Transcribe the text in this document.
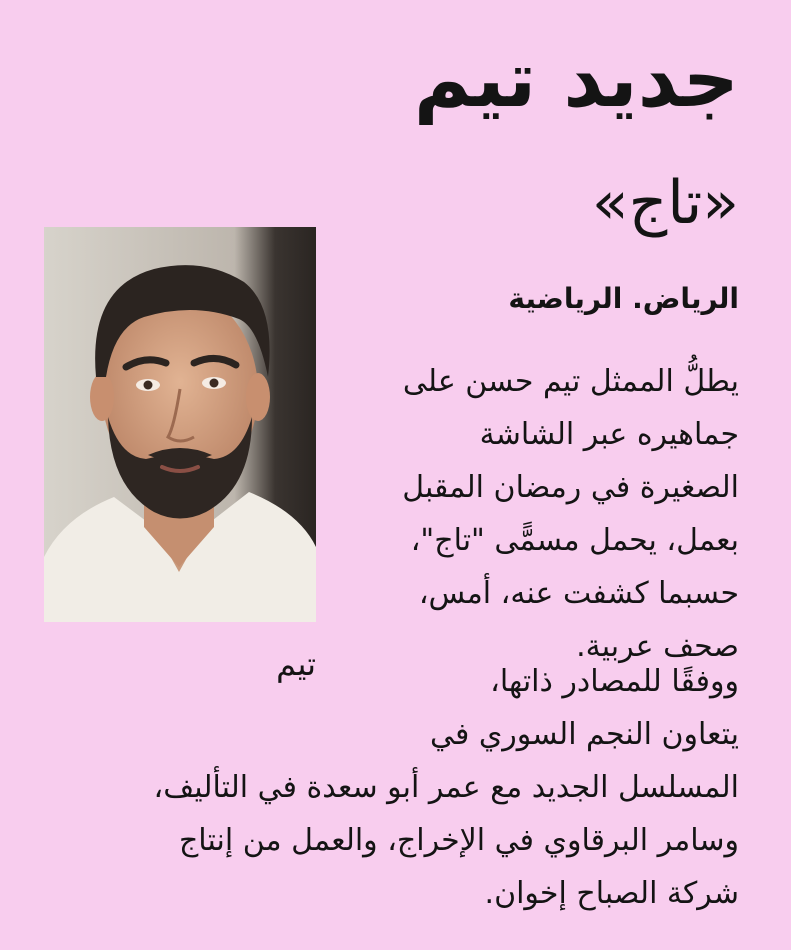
جديد تيم
«تاج»
تيم
الرياض. الرياضية
يطلُّ الممثل تيم حسن على
جماهيره عبر الشاشة
الصغيرة في رمضان المقبل
بعمل، يحمل مسمًّى "تاج"،
حسبما كشفت عنه، أمس،
صحف عربية.
ووفقًا للمصادر ذاتها،
يتعاون النجم السوري في
المسلسل الجديد مع عمر أبو سعدة في التأليف،
وسامر البرقاوي في الإخراج، والعمل من إنتاج
شركة الصباح إخوان.
